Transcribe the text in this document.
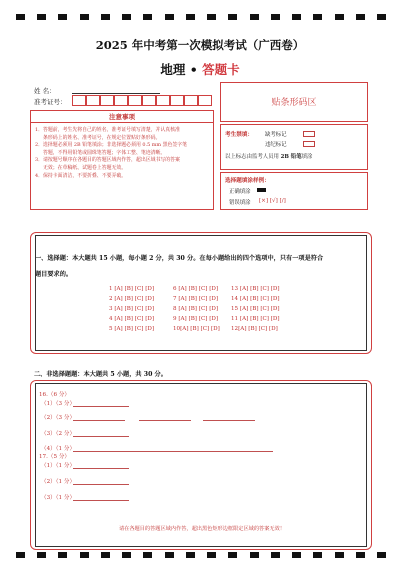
2025 年中考第一次模拟考试（广西卷）
地理 • 答题卡
姓 名：
准考证号：	贴条形码区
注意事项
1．答题前，考生先将自己的姓名，准考证号填写清楚，并认真核准
条形码上的姓名、准考证号，在规定位置贴好条形码。
2．选择题必须用 2B 铅笔填涂；非选择题必须用 0.5 mm 黑色签字笔
答题，不得用铅笔或圆珠笔答题；字体工整、笔迹清晰。
3．请按题号顺序在各题目的答题区域内作答，超出区域书写的答案
无效；在草稿纸、试题卷上答题无效。
4．保持卡面清洁，不要折叠、不要弄破。
考生禁填： 缺考标记
违纪标记
以上标志由监考人员用 2B 铅笔填涂
选择题填涂样例：
正确填涂
错误填涂 [×] [√] [/]
一、选择题：本大题共 15 小题，每小题 2 分，共 30 分。在每小题给出的四个选项中，只有一项是符合
题目要求的。
1 [A] [B] [C] [D]
2 [A] [B] [C] [D]
3 [A] [B] [C] [D]
4 [A] [B] [C] [D]
5 [A] [B] [C] [D]
6 [A] [B] [C] [D]
7 [A] [B] [C] [D]
8 [A] [B] [C] [D]
9 [A] [B] [C] [D]
10[A] [B] [C] [D]
13 [A] [B] [C] [D]
14 [A] [B] [C] [D]
15 [A] [B] [C] [D]
11 [A] [B] [C] [D]
12[A] [B] [C] [D]
二、非选择题题：本大题共 5 小题，共 30 分。
16.（6 分）
（1）（3 分）
（2）（3 分）
（3）（2 分）
（4）（1 分）
17.（5 分）
（1）（1 分）
（2）（1 分）
（3）（1 分）
请在各题目的答题区域内作答，超出黑色矩形边框限定区域的答案无效！
